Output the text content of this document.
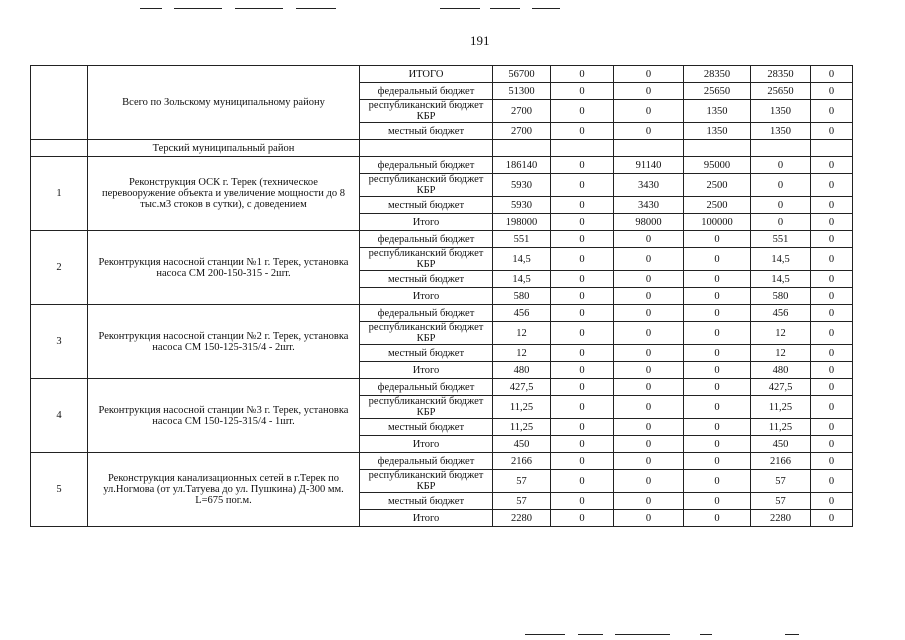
191
	Всего по Зольскому муниципальному району	ИТОГО	56700	0	0	28350	28350	0
		федеральный бюджет	51300	0	0	25650	25650	0
		республиканский бюджет КБР	2700	0	0	1350	1350	0
		местный бюджет	2700	0	0	1350	1350	0
	Терский муниципальный район							
1	Реконструкция ОСК г. Терек (техническое перевооружение объекта и увеличение мощности до 8 тыс.м3 стоков в сутки), с доведением	федеральный бюджет	186140	0	91140	95000	0	0
		республиканский бюджет КБР	5930	0	3430	2500	0	0
		местный бюджет	5930	0	3430	2500	0	0
		Итого	198000	0	98000	100000	0	0
2	Реконтрукция насосной станции №1 г. Терек, установка насоса СМ 200-150-315 - 2шт.	федеральный бюджет	551	0	0	0	551	0
		республиканский бюджет КБР	14,5	0	0	0	14,5	0
		местный бюджет	14,5	0	0	0	14,5	0
		Итого	580	0	0	0	580	0
3	Реконтрукция насосной станции №2 г. Терек, установка насоса СМ 150-125-315/4 - 2шт.	федеральный бюджет	456	0	0	0	456	0
		республиканский бюджет КБР	12	0	0	0	12	0
		местный бюджет	12	0	0	0	12	0
		Итого	480	0	0	0	480	0
4	Реконтрукция насосной станции №3 г. Терек, установка насоса СМ 150-125-315/4 - 1шт.	федеральный бюджет	427,5	0	0	0	427,5	0
		республиканский бюджет КБР	11,25	0	0	0	11,25	0
		местный бюджет	11,25	0	0	0	11,25	0
		Итого	450	0	0	0	450	0
5	Реконструкция канализационных сетей в г.Терек по ул.Ногмова (от ул.Татуева до ул. Пушкина) Д-300 мм. L=675 пог.м.	федеральный бюджет	2166	0	0	0	2166	0
		республиканский бюджет КБР	57	0	0	0	57	0
		местный бюджет	57	0	0	0	57	0
		Итого	2280	0	0	0	2280	0
